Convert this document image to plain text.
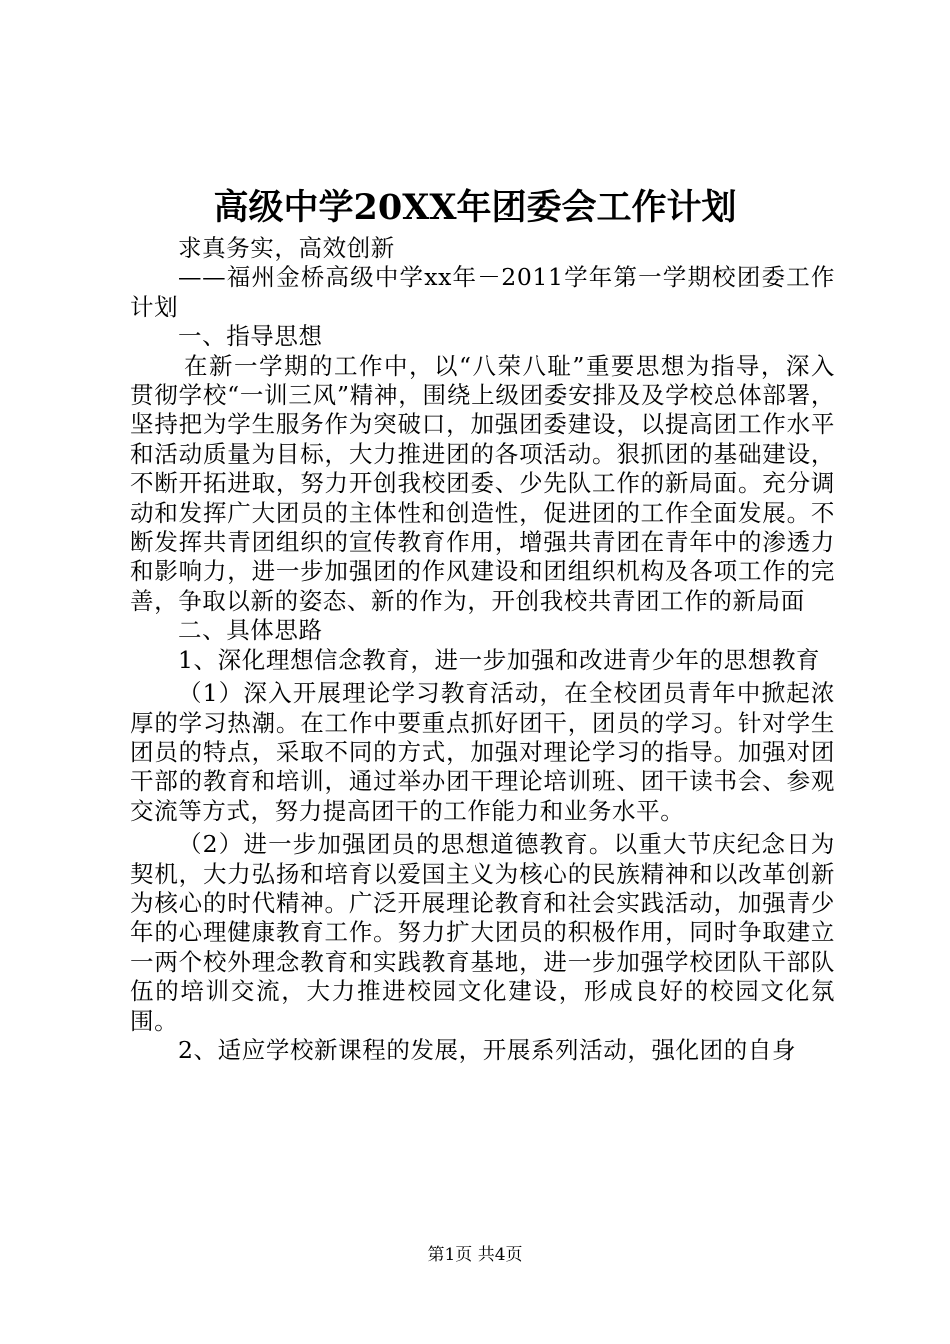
高级中学20XX年团委会工作计划

求真务实，高效创新

——福州金桥高级中学xx年－2011学年第一学期校团委工作计划

一、指导思想

在新一学期的工作中，以“八荣八耻”重要思想为指导，深入贯彻学校“一训三风”精神，围绕上级团委安排及及学校总体部署，坚持把为学生服务作为突破口，加强团委建设，以提高团工作水平和活动质量为目标，大力推进团的各项活动。狠抓团的基础建设，不断开拓进取，努力开创我校团委、少先队工作的新局面。充分调动和发挥广大团员的主体性和创造性，促进团的工作全面发展。不断发挥共青团组织的宣传教育作用，增强共青团在青年中的渗透力和影响力，进一步加强团的作风建设和团组织机构及各项工作的完善，争取以新的姿态、新的作为，开创我校共青团工作的新局面

二、具体思路

1、深化理想信念教育，进一步加强和改进青少年的思想教育

（1）深入开展理论学习教育活动，在全校团员青年中掀起浓厚的学习热潮。在工作中要重点抓好团干，团员的学习。针对学生团员的特点，采取不同的方式，加强对理论学习的指导。加强对团干部的教育和培训，通过举办团干理论培训班、团干读书会、参观交流等方式，努力提高团干的工作能力和业务水平。

（2）进一步加强团员的思想道德教育。以重大节庆纪念日为契机，大力弘扬和培育以爱国主义为核心的民族精神和以改革创新为核心的时代精神。广泛开展理论教育和社会实践活动，加强青少年的心理健康教育工作。努力扩大团员的积极作用，同时争取建立一两个校外理念教育和实践教育基地，进一步加强学校团队干部队伍的培训交流，大力推进校园文化建设，形成良好的校园文化氛围。

2、适应学校新课程的发展，开展系列活动，强化团的自身

第1页 共4页
